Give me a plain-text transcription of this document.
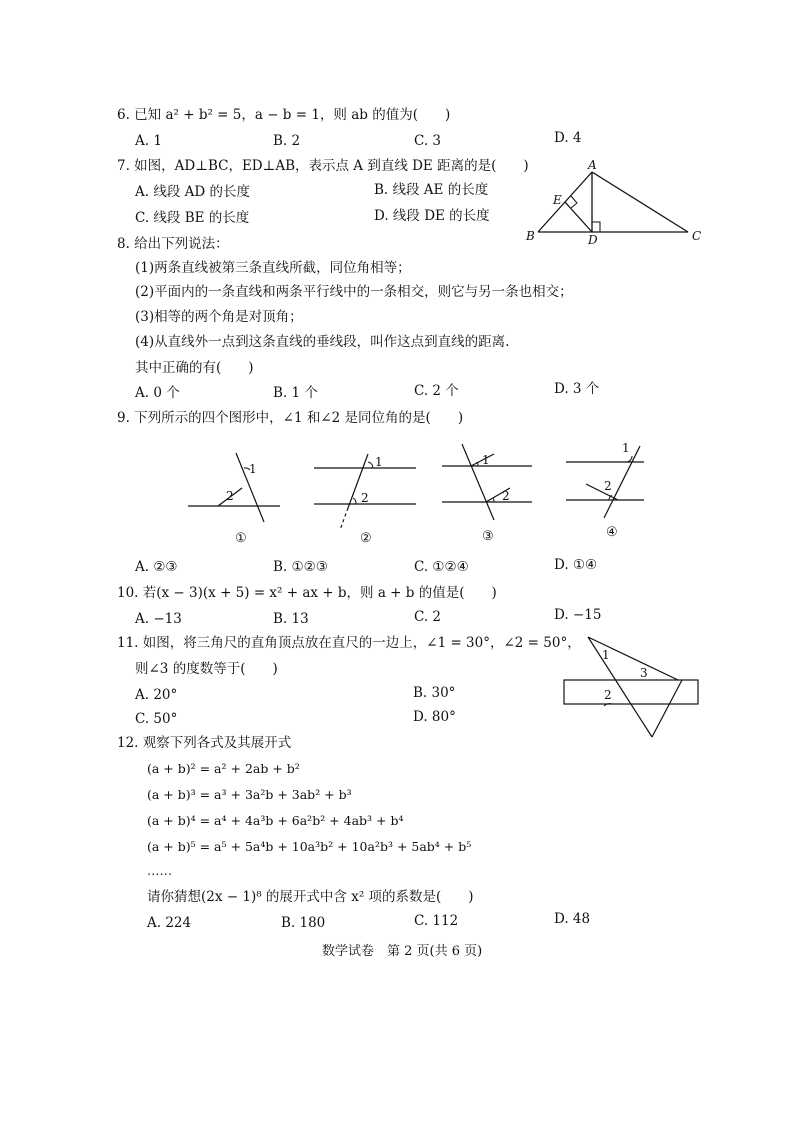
6. 已知 a² + b² = 5，a − b = 1，则 ab 的值为(　　)
A. 1	B. 2	C. 3	D. 4
7. 如图，AD⊥BC，ED⊥AB，表示点 A 到直线 DE 距离的是(　　)
A. 线段 AD 的长度	B. 线段 AE 的长度
C. 线段 BE 的长度	D. 线段 DE 的长度
A
E
B	D	C
8. 给出下列说法：
(1)两条直线被第三条直线所截，同位角相等；
(2)平面内的一条直线和两条平行线中的一条相交，则它与另一条也相交；
(3)相等的两个角是对顶角；
(4)从直线外一点到这条直线的垂线段，叫作这点到直线的距离.
其中正确的有(　　)
A. 0 个	B. 1 个	C. 2 个	D. 3 个
9. 下列所示的四个图形中，∠1 和∠2 是同位角的是(　　)
1
2
①
1
2
②
1
2
③
1
2
④
A. ②③	B. ①②③	C. ①②④	D. ①④
10. 若(x − 3)(x + 5) = x² + ax + b，则 a + b 的值是(　　)
A. −13	B. 13	C. 2	D. −15
11. 如图，将三角尺的直角顶点放在直尺的一边上，∠1 = 30°，∠2 = 50°，
则∠3 的度数等于(　　)
A. 20°	B. 30°
C. 50°	D. 80°
1
3
2
12. 观察下列各式及其展开式
(a + b)² = a² + 2ab + b²
(a + b)³ = a³ + 3a²b + 3ab² + b³
(a + b)⁴ = a⁴ + 4a³b + 6a²b² + 4ab³ + b⁴
(a + b)⁵ = a⁵ + 5a⁴b + 10a³b² + 10a²b³ + 5ab⁴ + b⁵
……
请你猜想(2x − 1)⁸ 的展开式中含 x² 项的系数是(　　)
A. 224	B. 180	C. 112	D. 48
数学试卷　第 2 页(共 6 页)
